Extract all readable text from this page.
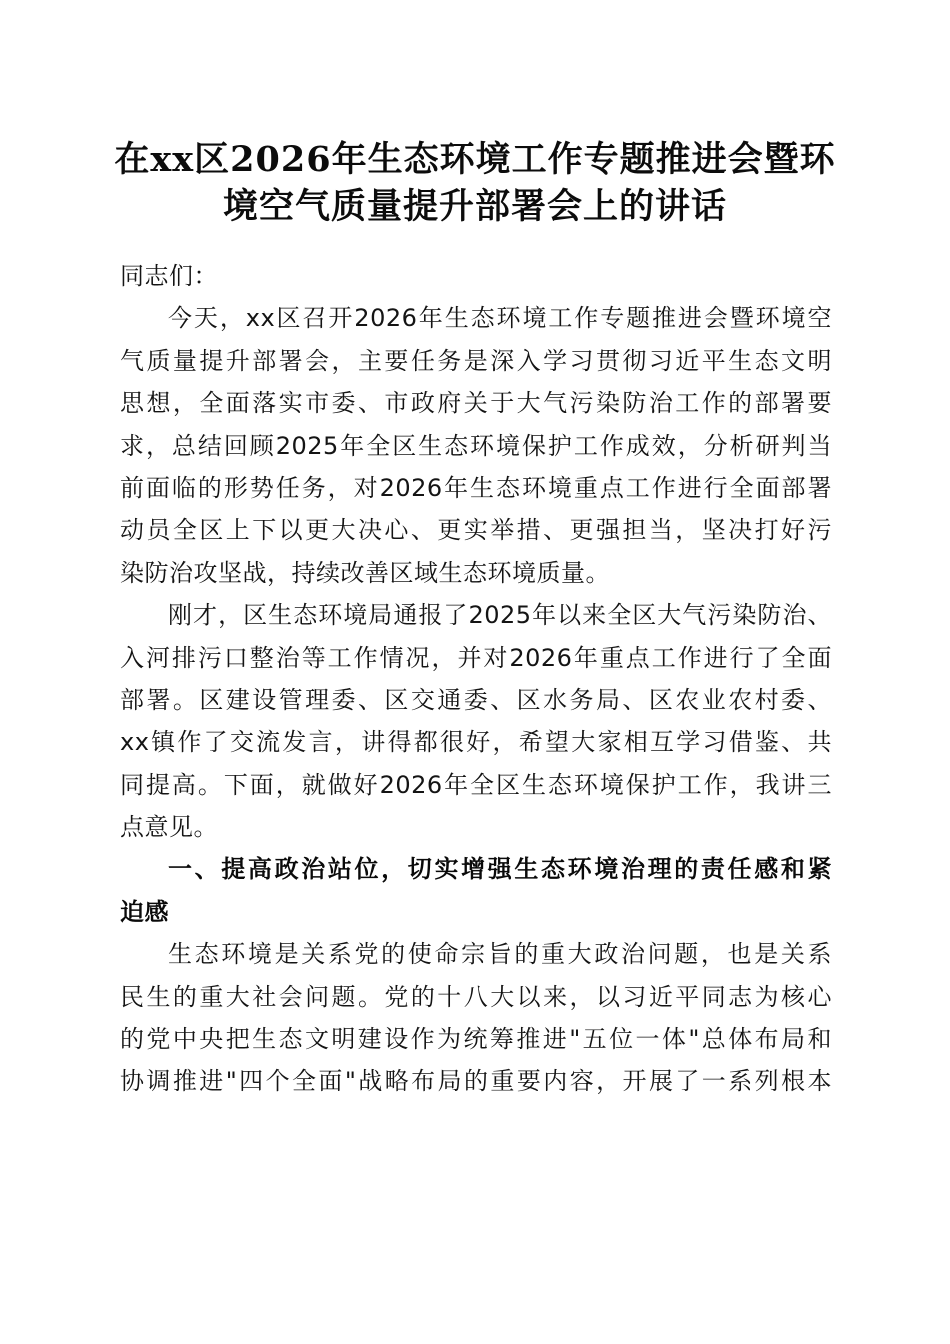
在xx区2026年生态环境工作专题推进会暨环
境空气质量提升部署会上的讲话
同志们：
今天，xx区召开2026年生态环境工作专题推进会暨环境空
气质量提升部署会，主要任务是深入学习贯彻习近平生态文明
思想，全面落实市委、市政府关于大气污染防治工作的部署要
求，总结回顾2025年全区生态环境保护工作成效，分析研判当
前面临的形势任务，对2026年生态环境重点工作进行全面部署
动员全区上下以更大决心、更实举措、更强担当，坚决打好污
染防治攻坚战，持续改善区域生态环境质量。
刚才，区生态环境局通报了2025年以来全区大气污染防治、
入河排污口整治等工作情况，并对2026年重点工作进行了全面
部署。区建设管理委、区交通委、区水务局、区农业农村委、
xx镇作了交流发言，讲得都很好，希望大家相互学习借鉴、共
同提高。下面，就做好2026年全区生态环境保护工作，我讲三
点意见。
一、提高政治站位，切实增强生态环境治理的责任感和紧
迫感
生态环境是关系党的使命宗旨的重大政治问题，也是关系
民生的重大社会问题。党的十八大以来，以习近平同志为核心
的党中央把生态文明建设作为统筹推进"五位一体"总体布局和
协调推进"四个全面"战略布局的重要内容，开展了一系列根本
